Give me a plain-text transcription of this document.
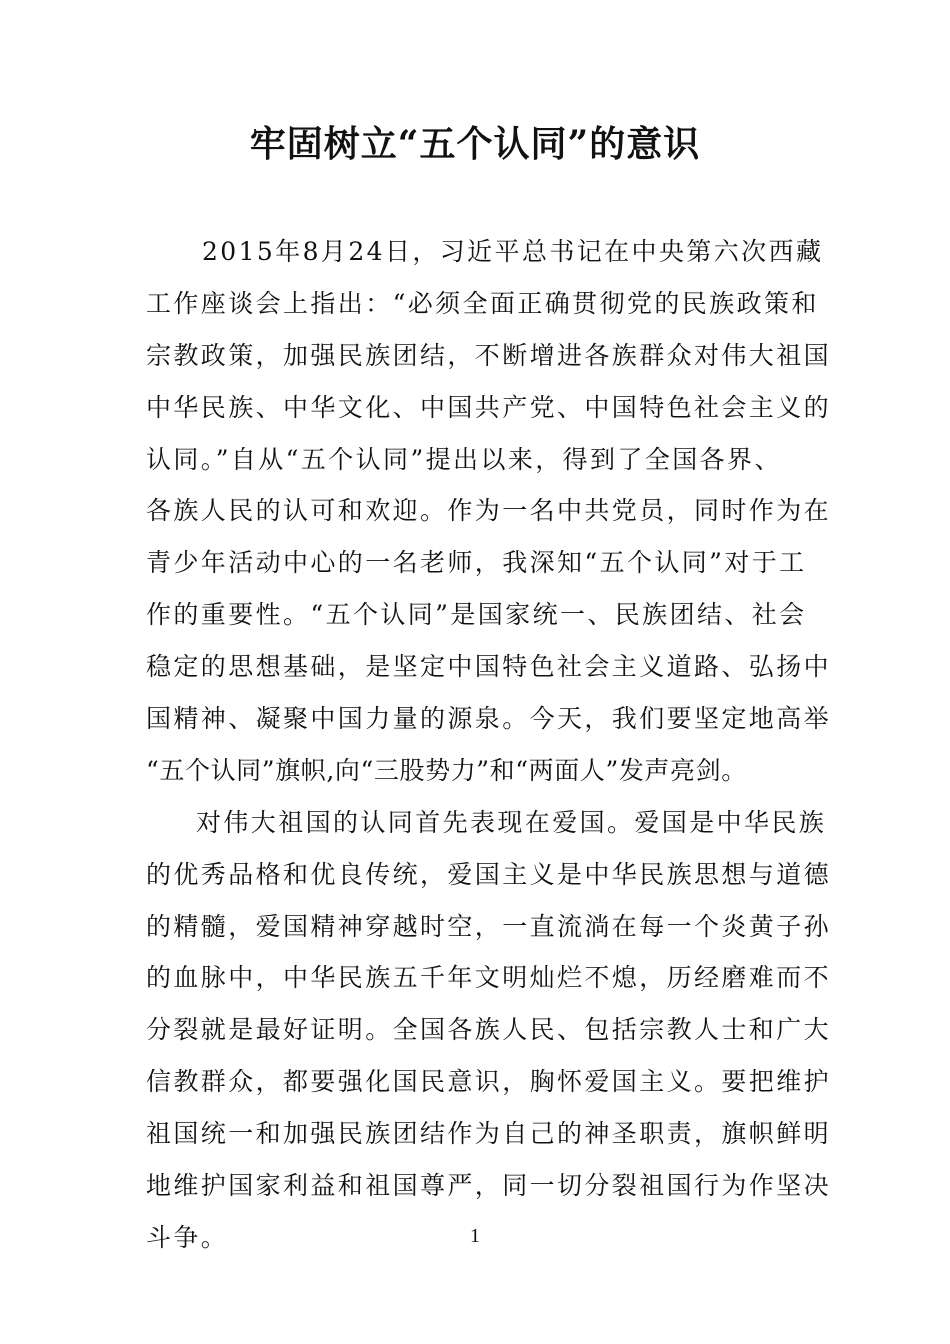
牢固树立“五个认同”的意识
2015年8月24日，习近平总书记在中央第六次西藏
工作座谈会上指出：“必须全面正确贯彻党的民族政策和
宗教政策，加强民族团结，不断增进各族群众对伟大祖国
中华民族、中华文化、中国共产党、中国特色社会主义的
认同。”自从“五个认同”提出以来，得到了全国各界、
各族人民的认可和欢迎。作为一名中共党员，同时作为在
青少年活动中心的一名老师，我深知“五个认同”对于工
作的重要性。“五个认同”是国家统一、民族团结、社会
稳定的思想基础，是坚定中国特色社会主义道路、弘扬中
国精神、凝聚中国力量的源泉。今天，我们要坚定地高举
“五个认同”旗帜,向“三股势力”和“两面人”发声亮剑。
对伟大祖国的认同首先表现在爱国。爱国是中华民族
的优秀品格和优良传统，爱国主义是中华民族思想与道德
的精髓，爱国精神穿越时空，一直流淌在每一个炎黄子孙
的血脉中，中华民族五千年文明灿烂不熄，历经磨难而不
分裂就是最好证明。全国各族人民、包括宗教人士和广大
信教群众，都要强化国民意识，胸怀爱国主义。要把维护
祖国统一和加强民族团结作为自己的神圣职责，旗帜鲜明
地维护国家利益和祖国尊严，同一切分裂祖国行为作坚决
斗争。	1
